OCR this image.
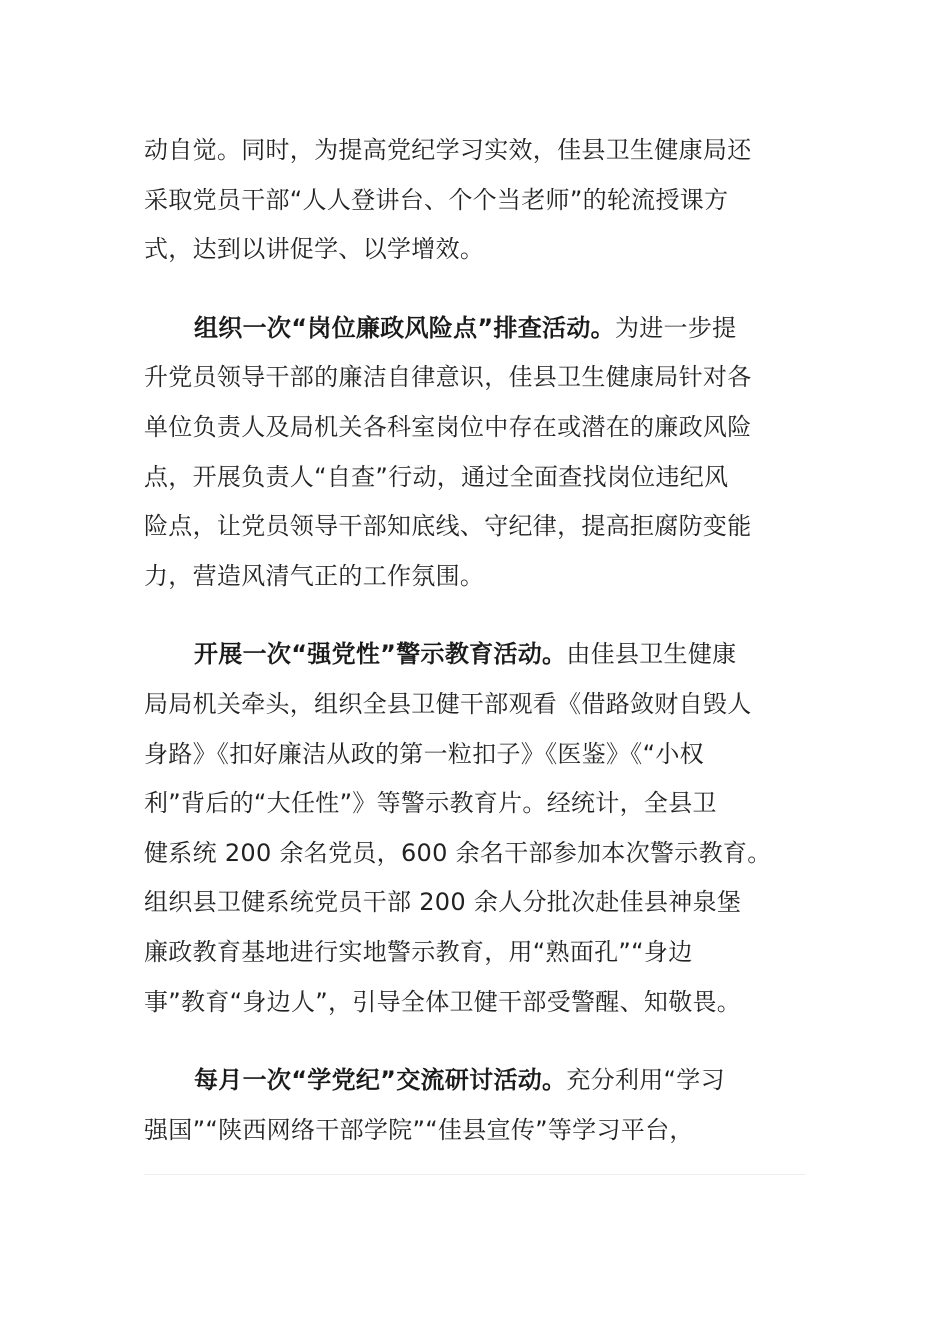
动自觉。同时，为提高党纪学习实效，佳县卫生健康局还
采取党员干部“人人登讲台、个个当老师”的轮流授课方
式，达到以讲促学、以学增效。

组织一次“岗位廉政风险点”排查活动。为进一步提
升党员领导干部的廉洁自律意识，佳县卫生健康局针对各
单位负责人及局机关各科室岗位中存在或潜在的廉政风险
点，开展负责人“自查”行动，通过全面查找岗位违纪风
险点，让党员领导干部知底线、守纪律，提高拒腐防变能
力，营造风清气正的工作氛围。

开展一次“强党性”警示教育活动。由佳县卫生健康
局局机关牵头，组织全县卫健干部观看《借路敛财自毁人
身路》《扣好廉洁从政的第一粒扣子》《医鉴》《“小权
利”背后的“大任性”》等警示教育片。经统计，全县卫
健系统 200 余名党员，600 余名干部参加本次警示教育。
组织县卫健系统党员干部 200 余人分批次赴佳县神泉堡
廉政教育基地进行实地警示教育，用“熟面孔”“身边
事”教育“身边人”，引导全体卫健干部受警醒、知敬畏。

每月一次“学党纪”交流研讨活动。充分利用“学习
强国”“陕西网络干部学院”“佳县宣传”等学习平台，
